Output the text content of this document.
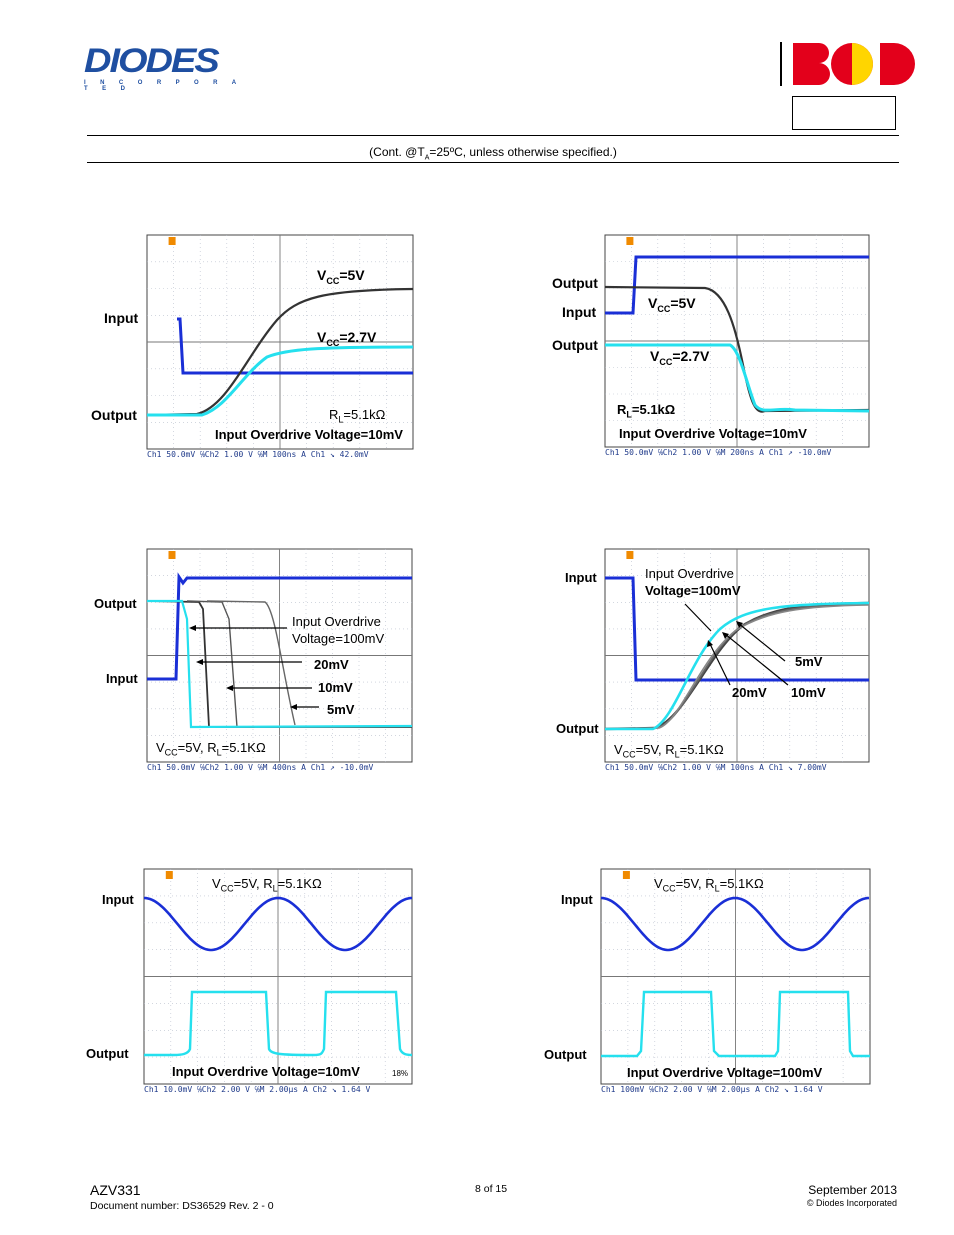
DIODES
I N C O R P O R A T E D
(Cont. $@T_A=25ºC$, unless otherwise specified.)
Input
Output
$V_{CC}=5V$
$V_{CC}=2.7V$
$R_L=5.1k\Omega$
Input Overdrive Voltage=10mV
Ch1 50.0mV ℅Ch2 1.00 V ℅M 100ns A Ch1 ↘ 42.0mV
Output
Input
Output
$V_{CC}=5V$
$V_{CC}=2.7V$
$R_L=5.1k\Omega$
Input Overdrive Voltage=10mV
Ch1 50.0mV ℅Ch2 1.00 V ℅M 200ns A Ch1 ↗ -10.0mV
Output
Input
Input Overdrive
Voltage=100mV
20mV
10mV
5mV
$V_{CC}=5V$, $R_L=5.1K\Omega$
Ch1 50.0mV ℅Ch2 1.00 V ℅M 400ns A Ch1 ↗ -10.0mV
Input
Output
Input Overdrive
Voltage=100mV
5mV
20mV 10mV
$V_{CC}=5V$, $R_L=5.1K\Omega$
Ch1 50.0mV ℅Ch2 1.00 V ℅M 100ns A Ch1 ↘ 7.00mV
Input
Output
$V_{CC}=5V$, $R_L=5.1K\Omega$
Input Overdrive Voltage=10mV	18%
Ch1 10.0mV ℅Ch2 2.00 V ℅M 2.00µs A Ch2 ↘ 1.64 V
Input
Output
$V_{CC}=5V$, $R_L=5.1K\Omega$
Input Overdrive Voltage=100mV
Ch1 100mV ℅Ch2 2.00 V ℅M 2.00µs A Ch2 ↘ 1.64 V
AZV331
Document number: DS36529 Rev. 2 - 0
8 of 15	September 2013
© Diodes Incorporated
